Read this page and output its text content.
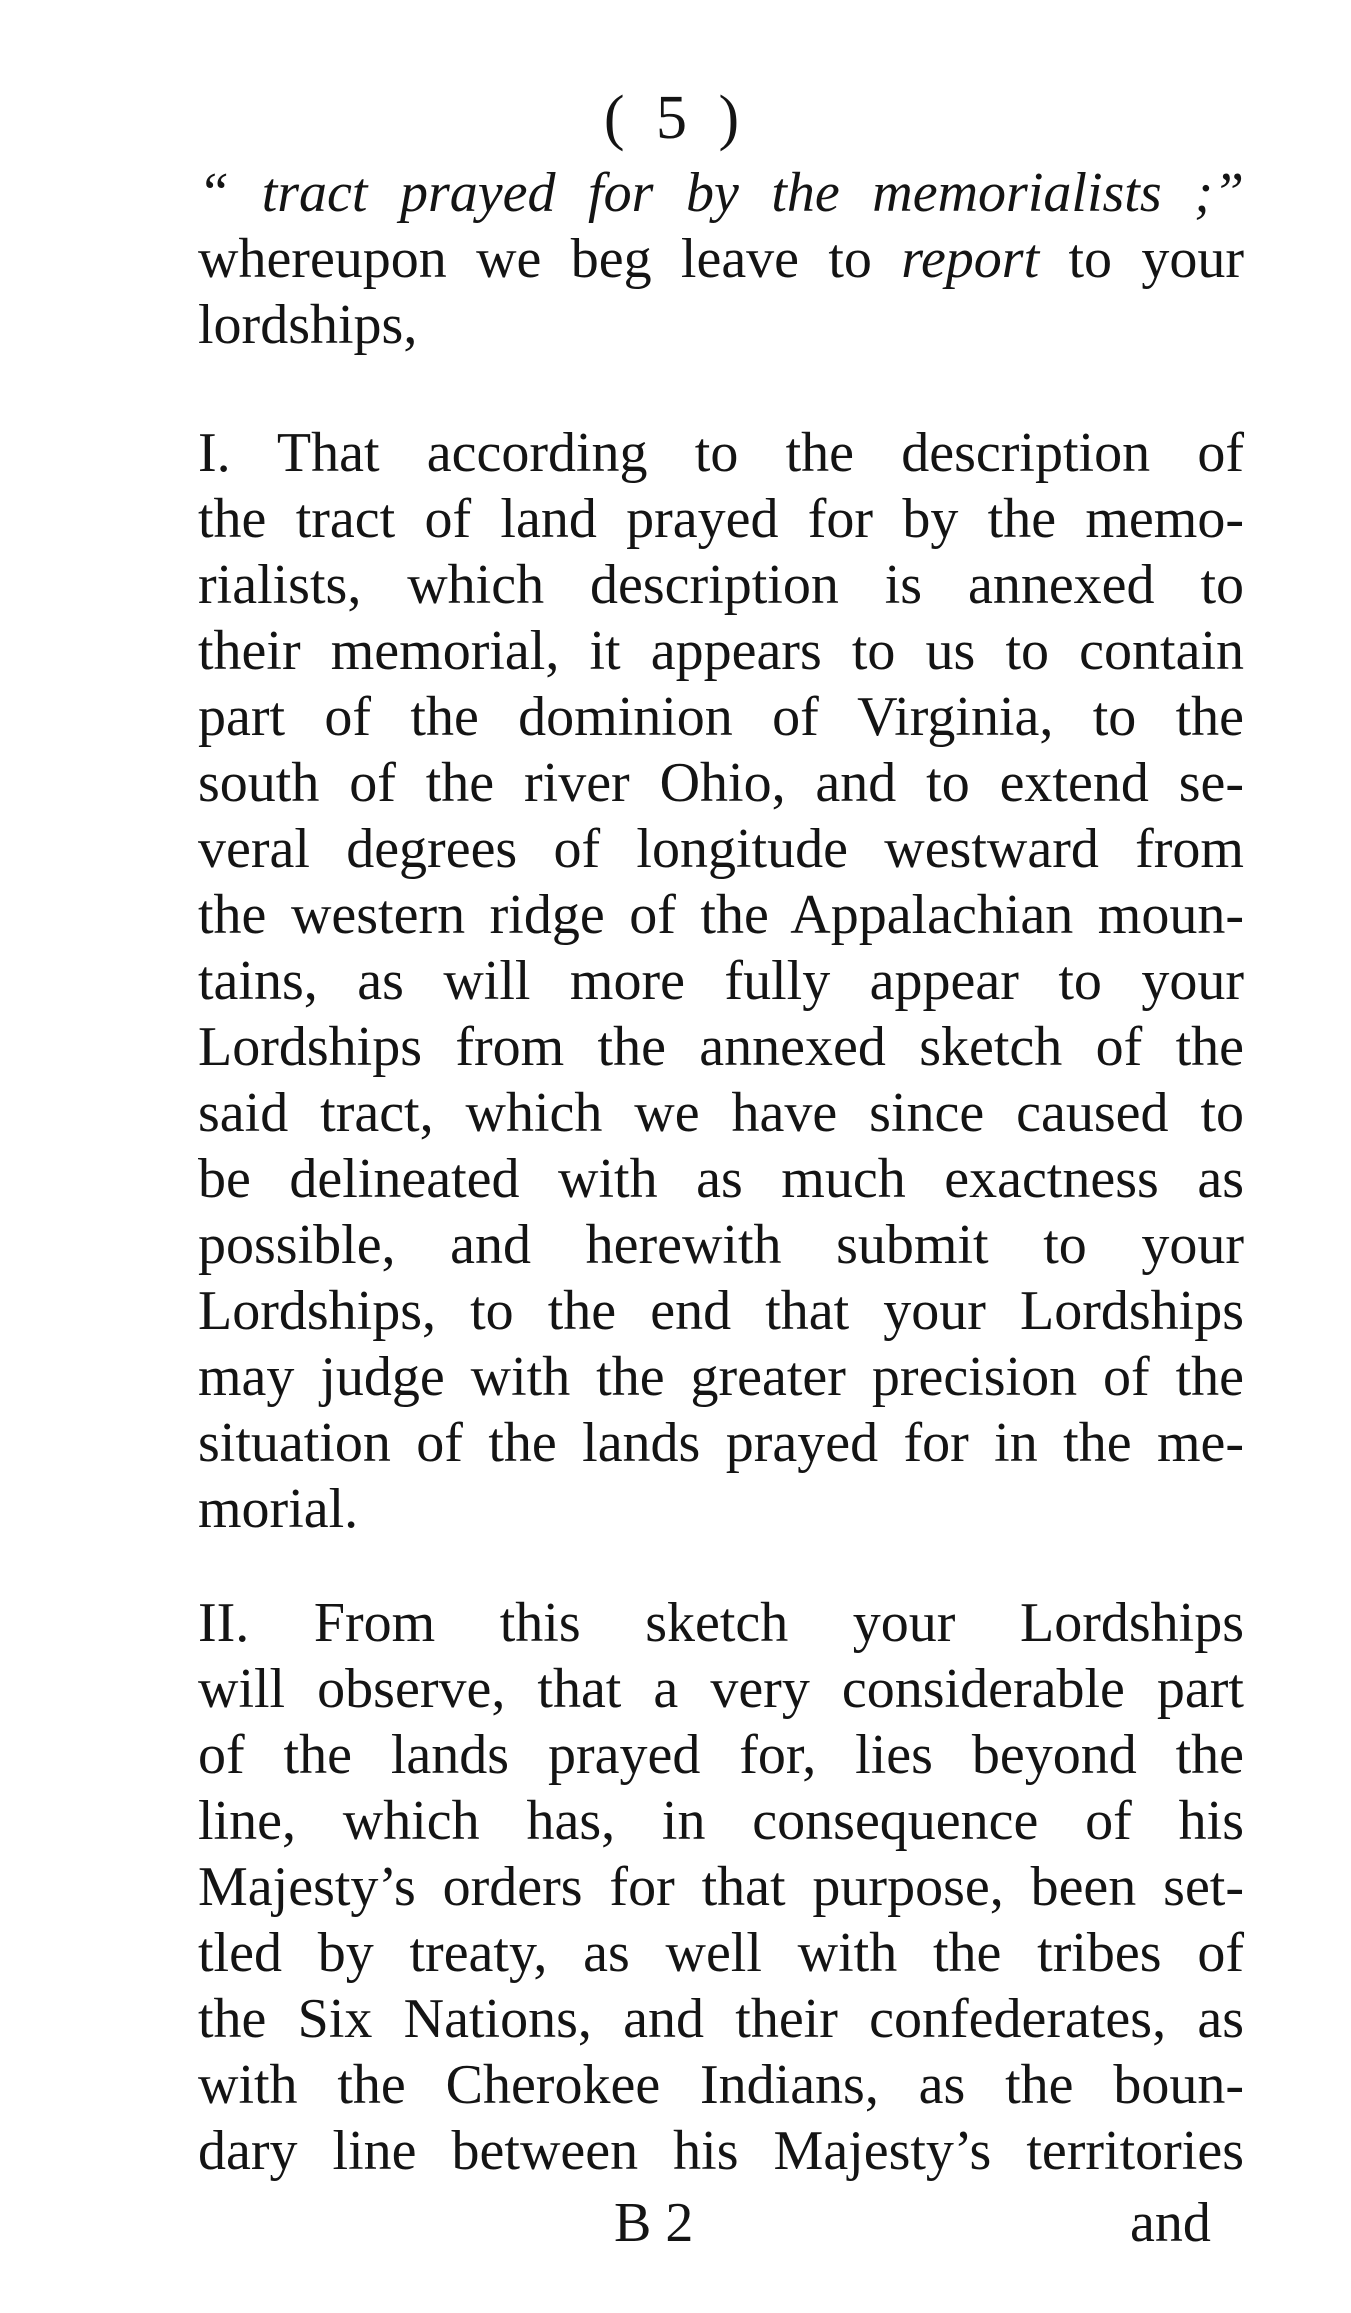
( 5 )
“ tract prayed for by the memorialists ;”
whereupon we beg leave to report to your
lordships,
I. That according to the description of
the tract of land prayed for by the memo-
rialists, which description is annexed to
their memorial, it appears to us to contain
part of the dominion of Virginia, to the
south of the river Ohio, and to extend se-
veral degrees of longitude westward from
the western ridge of the Appalachian moun-
tains, as will more fully appear to your
Lordships from the annexed sketch of the
said tract, which we have since caused to
be delineated with as much exactness as
possible, and herewith submit to your
Lordships, to the end that your Lordships
may judge with the greater precision of the
situation of the lands prayed for in the me-
morial.
II. From this sketch your Lordships
will observe, that a very considerable part
of the lands prayed for, lies beyond the
line, which has, in consequence of his
Majesty’s orders for that purpose, been set-
tled by treaty, as well with the tribes of
the Six Nations, and their confederates, as
with the Cherokee Indians, as the boun-
dary line between his Majesty’s territories
B 2	and
